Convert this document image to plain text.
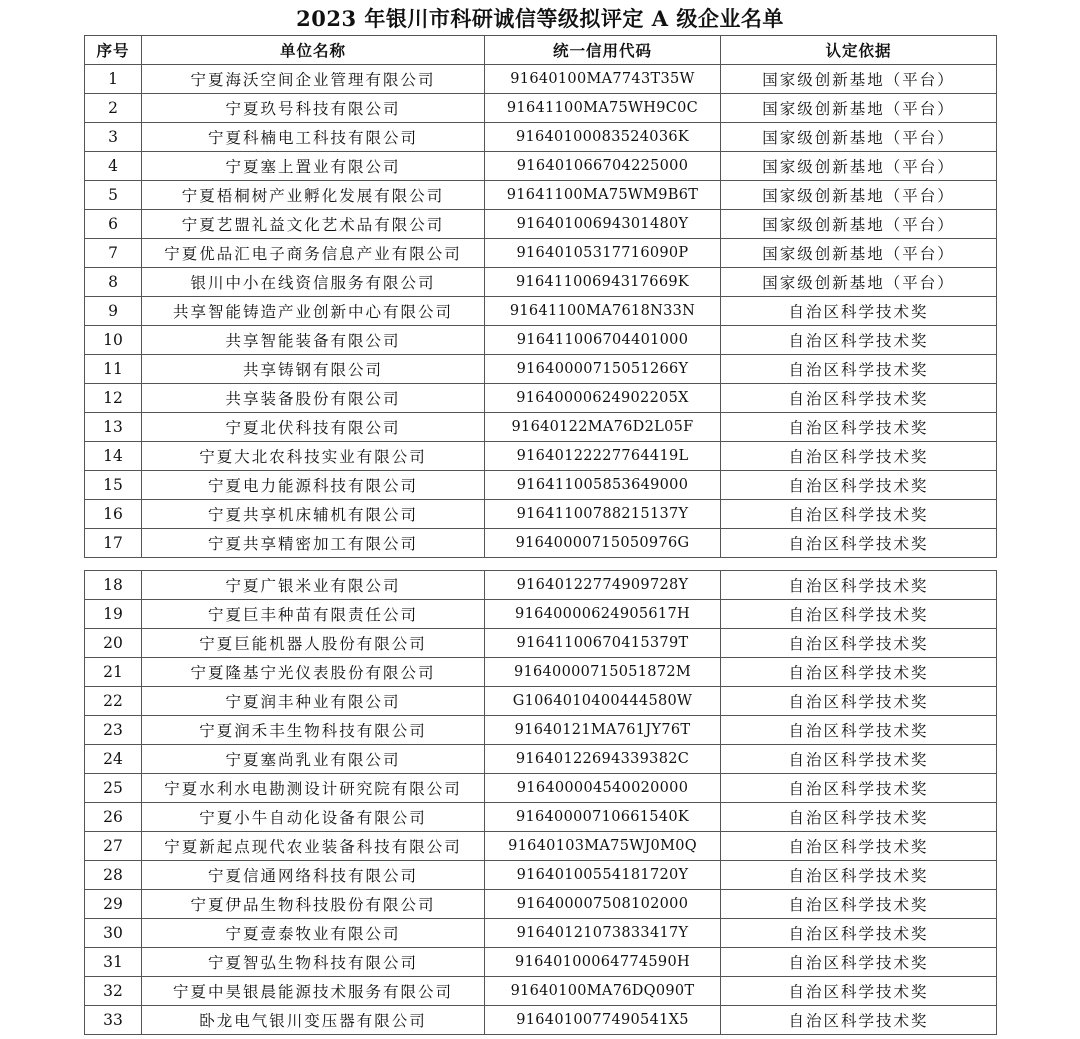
2023 年银川市科研诚信等级拟评定 A 级企业名单
序号	单位名称	统一信用代码	认定依据
1	宁夏海沃空间企业管理有限公司	91640100MA7743T35W	国家级创新基地（平台）
2	宁夏玖号科技有限公司	91641100MA75WH9C0C	国家级创新基地（平台）
3	宁夏科楠电工科技有限公司	91640100083524036K	国家级创新基地（平台）
4	宁夏塞上置业有限公司	916401066704225000	国家级创新基地（平台）
5	宁夏梧桐树产业孵化发展有限公司	91641100MA75WM9B6T	国家级创新基地（平台）
6	宁夏艺盟礼益文化艺术品有限公司	91640100694301480Y	国家级创新基地（平台）
7	宁夏优品汇电子商务信息产业有限公司	91640105317716090P	国家级创新基地（平台）
8	银川中小在线资信服务有限公司	91641100694317669K	国家级创新基地（平台）
9	共享智能铸造产业创新中心有限公司	91641100MA7618N33N	自治区科学技术奖
10	共享智能装备有限公司	916411006704401000	自治区科学技术奖
11	共享铸钢有限公司	91640000715051266Y	自治区科学技术奖
12	共享装备股份有限公司	91640000624902205X	自治区科学技术奖
13	宁夏北伏科技有限公司	91640122MA76D2L05F	自治区科学技术奖
14	宁夏大北农科技实业有限公司	91640122227764419L	自治区科学技术奖
15	宁夏电力能源科技有限公司	916411005853649000	自治区科学技术奖
16	宁夏共享机床辅机有限公司	91641100788215137Y	自治区科学技术奖
17	宁夏共享精密加工有限公司	91640000715050976G	自治区科学技术奖
18	宁夏广银米业有限公司	91640122774909728Y	自治区科学技术奖
19	宁夏巨丰种苗有限责任公司	91640000624905617H	自治区科学技术奖
20	宁夏巨能机器人股份有限公司	91641100670415379T	自治区科学技术奖
21	宁夏隆基宁光仪表股份有限公司	91640000715051872M	自治区科学技术奖
22	宁夏润丰种业有限公司	G1064010400444580W	自治区科学技术奖
23	宁夏润禾丰生物科技有限公司	91640121MA761JY76T	自治区科学技术奖
24	宁夏塞尚乳业有限公司	91640122694339382C	自治区科学技术奖
25	宁夏水利水电勘测设计研究院有限公司	916400004540020000	自治区科学技术奖
26	宁夏小牛自动化设备有限公司	91640000710661540K	自治区科学技术奖
27	宁夏新起点现代农业装备科技有限公司	91640103MA75WJ0M0Q	自治区科学技术奖
28	宁夏信通网络科技有限公司	91640100554181720Y	自治区科学技术奖
29	宁夏伊品生物科技股份有限公司	916400007508102000	自治区科学技术奖
30	宁夏壹泰牧业有限公司	91640121073833417Y	自治区科学技术奖
31	宁夏智弘生物科技有限公司	91640100064774590H	自治区科学技术奖
32	宁夏中昊银晨能源技术服务有限公司	91640100MA76DQ090T	自治区科学技术奖
33	卧龙电气银川变压器有限公司	9164010077490541X5	自治区科学技术奖
